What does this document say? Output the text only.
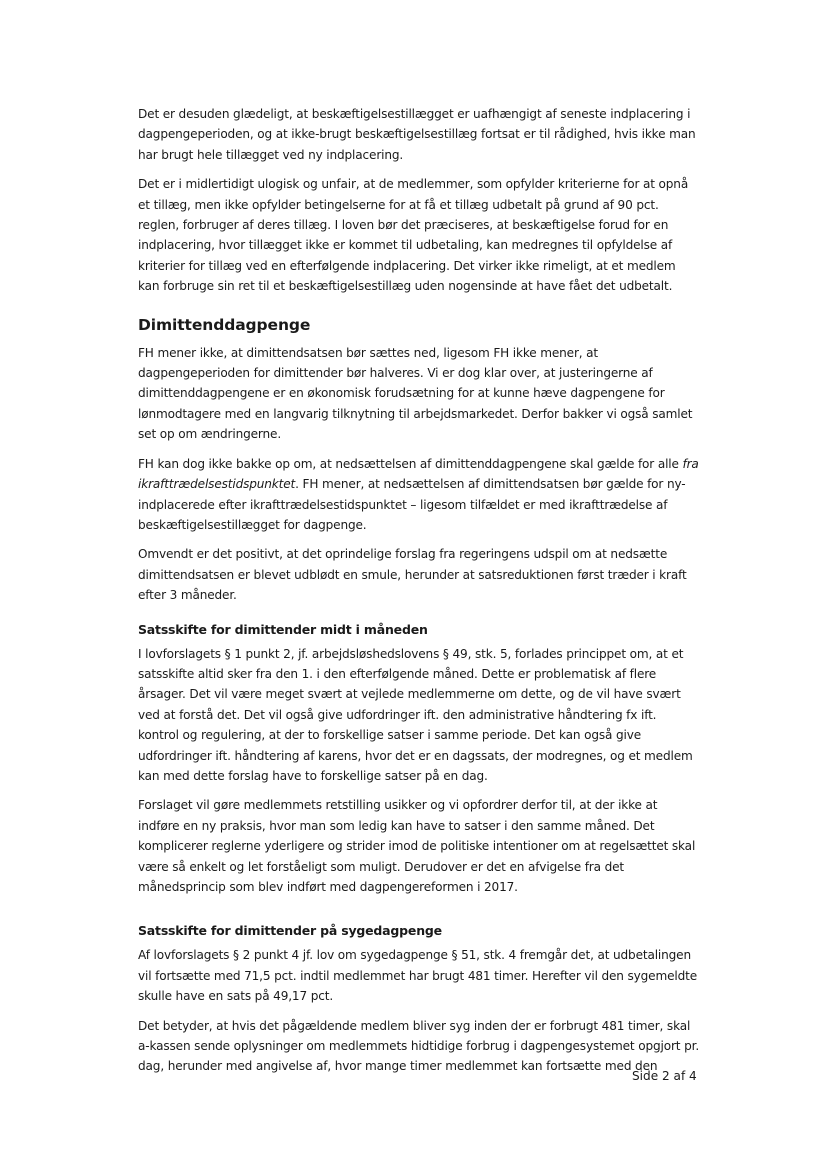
Det er desuden glædeligt, at beskæftigelsestillægget er uafhængigt af seneste indplacering i dagpengeperioden, og at ikke-brugt beskæftigelsestillæg fortsat er til rådighed, hvis ikke man har brugt hele tillægget ved ny indplacering.

Det er i midlertidigt ulogisk og unfair, at de medlemmer, som opfylder kriterierne for at opnå et tillæg, men ikke opfylder betingelserne for at få et tillæg udbetalt på grund af 90 pct. reglen, forbruger af deres tillæg. I loven bør det præciseres, at beskæftigelse forud for en indplacering, hvor tillægget ikke er kommet til udbetaling, kan medregnes til opfyldelse af kriterier for tillæg ved en efterfølgende indplacering. Det virker ikke rimeligt, at et medlem kan forbruge sin ret til et beskæftigelsestillæg uden nogensinde at have fået det udbetalt.

Dimittenddagpenge

FH mener ikke, at dimittendsatsen bør sættes ned, ligesom FH ikke mener, at dagpengeperioden for dimittender bør halveres. Vi er dog klar over, at justeringerne af dimittenddagpengene er en økonomisk forudsætning for at kunne hæve dagpengene for lønmodtagere med en langvarig tilknytning til arbejdsmarkedet. Derfor bakker vi også samlet set op om ændringerne.

FH kan dog ikke bakke op om, at nedsættelsen af dimittenddagpengene skal gælde for alle fra ikrafttrædelsestidspunktet. FH mener, at nedsættelsen af dimittendsatsen bør gælde for ny-indplacerede efter ikrafttrædelsestidspunktet – ligesom tilfældet er med ikrafttrædelse af beskæftigelsestillægget for dagpenge.

Omvendt er det positivt, at det oprindelige forslag fra regeringens udspil om at nedsætte dimittendsatsen er blevet udblødt en smule, herunder at satsreduktionen først træder i kraft efter 3 måneder.

Satsskifte for dimittender midt i måneden

I lovforslagets § 1 punkt 2, jf. arbejdsløshedslovens § 49, stk. 5, forlades princippet om, at et satsskifte altid sker fra den 1. i den efterfølgende måned. Dette er problematisk af flere årsager. Det vil være meget svært at vejlede medlemmerne om dette, og de vil have svært ved at forstå det. Det vil også give udfordringer ift. den administrative håndtering fx ift. kontrol og regulering, at der to forskellige satser i samme periode. Det kan også give udfordringer ift. håndtering af karens, hvor det er en dagssats, der modregnes, og et medlem kan med dette forslag have to forskellige satser på en dag.

Forslaget vil gøre medlemmets retstilling usikker og vi opfordrer derfor til, at der ikke at indføre en ny praksis, hvor man som ledig kan have to satser i den samme måned. Det komplicerer reglerne yderligere og strider imod de politiske intentioner om at regelsættet skal være så enkelt og let forståeligt som muligt. Derudover er det en afvigelse fra det månedsprincip som blev indført med dagpengereformen i 2017.

Satsskifte for dimittender på sygedagpenge

Af lovforslagets § 2 punkt 4 jf. lov om sygedagpenge § 51, stk. 4 fremgår det, at udbetalingen vil fortsætte med 71,5 pct. indtil medlemmet har brugt 481 timer. Herefter vil den sygemeldte skulle have en sats på 49,17 pct.

Det betyder, at hvis det pågældende medlem bliver syg inden der er forbrugt 481 timer, skal a-kassen sende oplysninger om medlemmets hidtidige forbrug i dagpengesystemet opgjort pr. dag, herunder med angivelse af, hvor mange timer medlemmet kan fortsætte med den

Side 2 af 4
